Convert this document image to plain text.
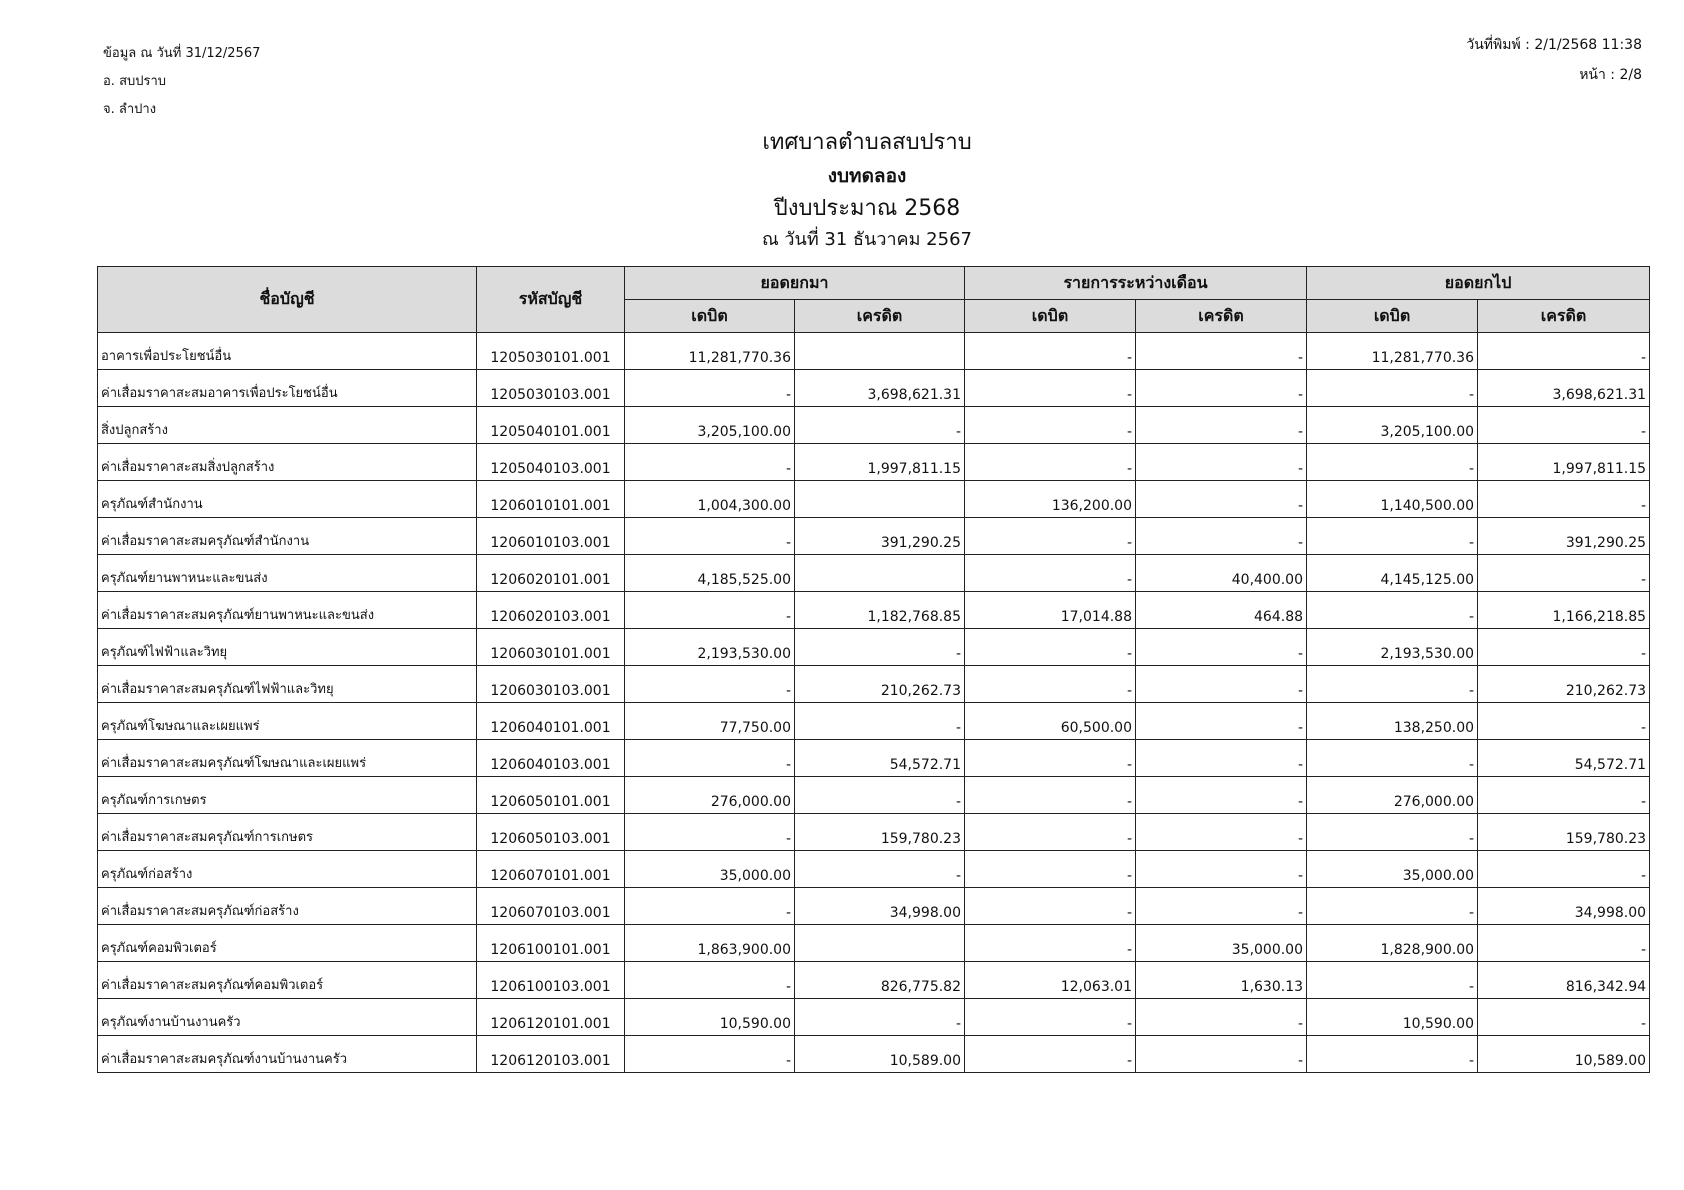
ข้อมูล ณ วันที่ 31/12/2567
อ. สบปราบ
จ. ลำปาง
วันที่พิมพ์ : 2/1/2568 11:38
หน้า : 2/8
เทศบาลตำบลสบปราบ
งบทดลอง
ปีงบประมาณ 2568
ณ วันที่ 31 ธันวาคม 2567
ชื่อบัญชี	รหัสบัญชี	ยอดยกมา		รายการระหว่างเดือน		ยอดยกไป	
		เดบิต	เครดิต	เดบิต	เครดิต	เดบิต	เครดิต
อาคารเพื่อประโยชน์อื่น	1205030101.001	11,281,770.36		-	-	11,281,770.36	-
ค่าเสื่อมราคาสะสมอาคารเพื่อประโยชน์อื่น	1205030103.001	-	3,698,621.31	-	-	-	3,698,621.31
สิ่งปลูกสร้าง	1205040101.001	3,205,100.00	-	-	-	3,205,100.00	-
ค่าเสื่อมราคาสะสมสิ่งปลูกสร้าง	1205040103.001	-	1,997,811.15	-	-	-	1,997,811.15
ครุภัณฑ์สำนักงาน	1206010101.001	1,004,300.00		136,200.00	-	1,140,500.00	-
ค่าเสื่อมราคาสะสมครุภัณฑ์สำนักงาน	1206010103.001	-	391,290.25	-	-	-	391,290.25
ครุภัณฑ์ยานพาหนะและขนส่ง	1206020101.001	4,185,525.00		-	40,400.00	4,145,125.00	-
ค่าเสื่อมราคาสะสมครุภัณฑ์ยานพาหนะและขนส่ง	1206020103.001	-	1,182,768.85	17,014.88	464.88	-	1,166,218.85
ครุภัณฑ์ไฟฟ้าและวิทยุ	1206030101.001	2,193,530.00	-	-	-	2,193,530.00	-
ค่าเสื่อมราคาสะสมครุภัณฑ์ไฟฟ้าและวิทยุ	1206030103.001	-	210,262.73	-	-	-	210,262.73
ครุภัณฑ์โฆษณาและเผยแพร่	1206040101.001	77,750.00	-	60,500.00	-	138,250.00	-
ค่าเสื่อมราคาสะสมครุภัณฑ์โฆษณาและเผยแพร่	1206040103.001	-	54,572.71	-	-	-	54,572.71
ครุภัณฑ์การเกษตร	1206050101.001	276,000.00	-	-	-	276,000.00	-
ค่าเสื่อมราคาสะสมครุภัณฑ์การเกษตร	1206050103.001	-	159,780.23	-	-	-	159,780.23
ครุภัณฑ์ก่อสร้าง	1206070101.001	35,000.00	-	-	-	35,000.00	-
ค่าเสื่อมราคาสะสมครุภัณฑ์ก่อสร้าง	1206070103.001	-	34,998.00	-	-	-	34,998.00
ครุภัณฑ์คอมพิวเตอร์	1206100101.001	1,863,900.00		-	35,000.00	1,828,900.00	-
ค่าเสื่อมราคาสะสมครุภัณฑ์คอมพิวเตอร์	1206100103.001	-	826,775.82	12,063.01	1,630.13	-	816,342.94
ครุภัณฑ์งานบ้านงานครัว	1206120101.001	10,590.00	-	-	-	10,590.00	-
ค่าเสื่อมราคาสะสมครุภัณฑ์งานบ้านงานครัว	1206120103.001	-	10,589.00	-	-	-	10,589.00
